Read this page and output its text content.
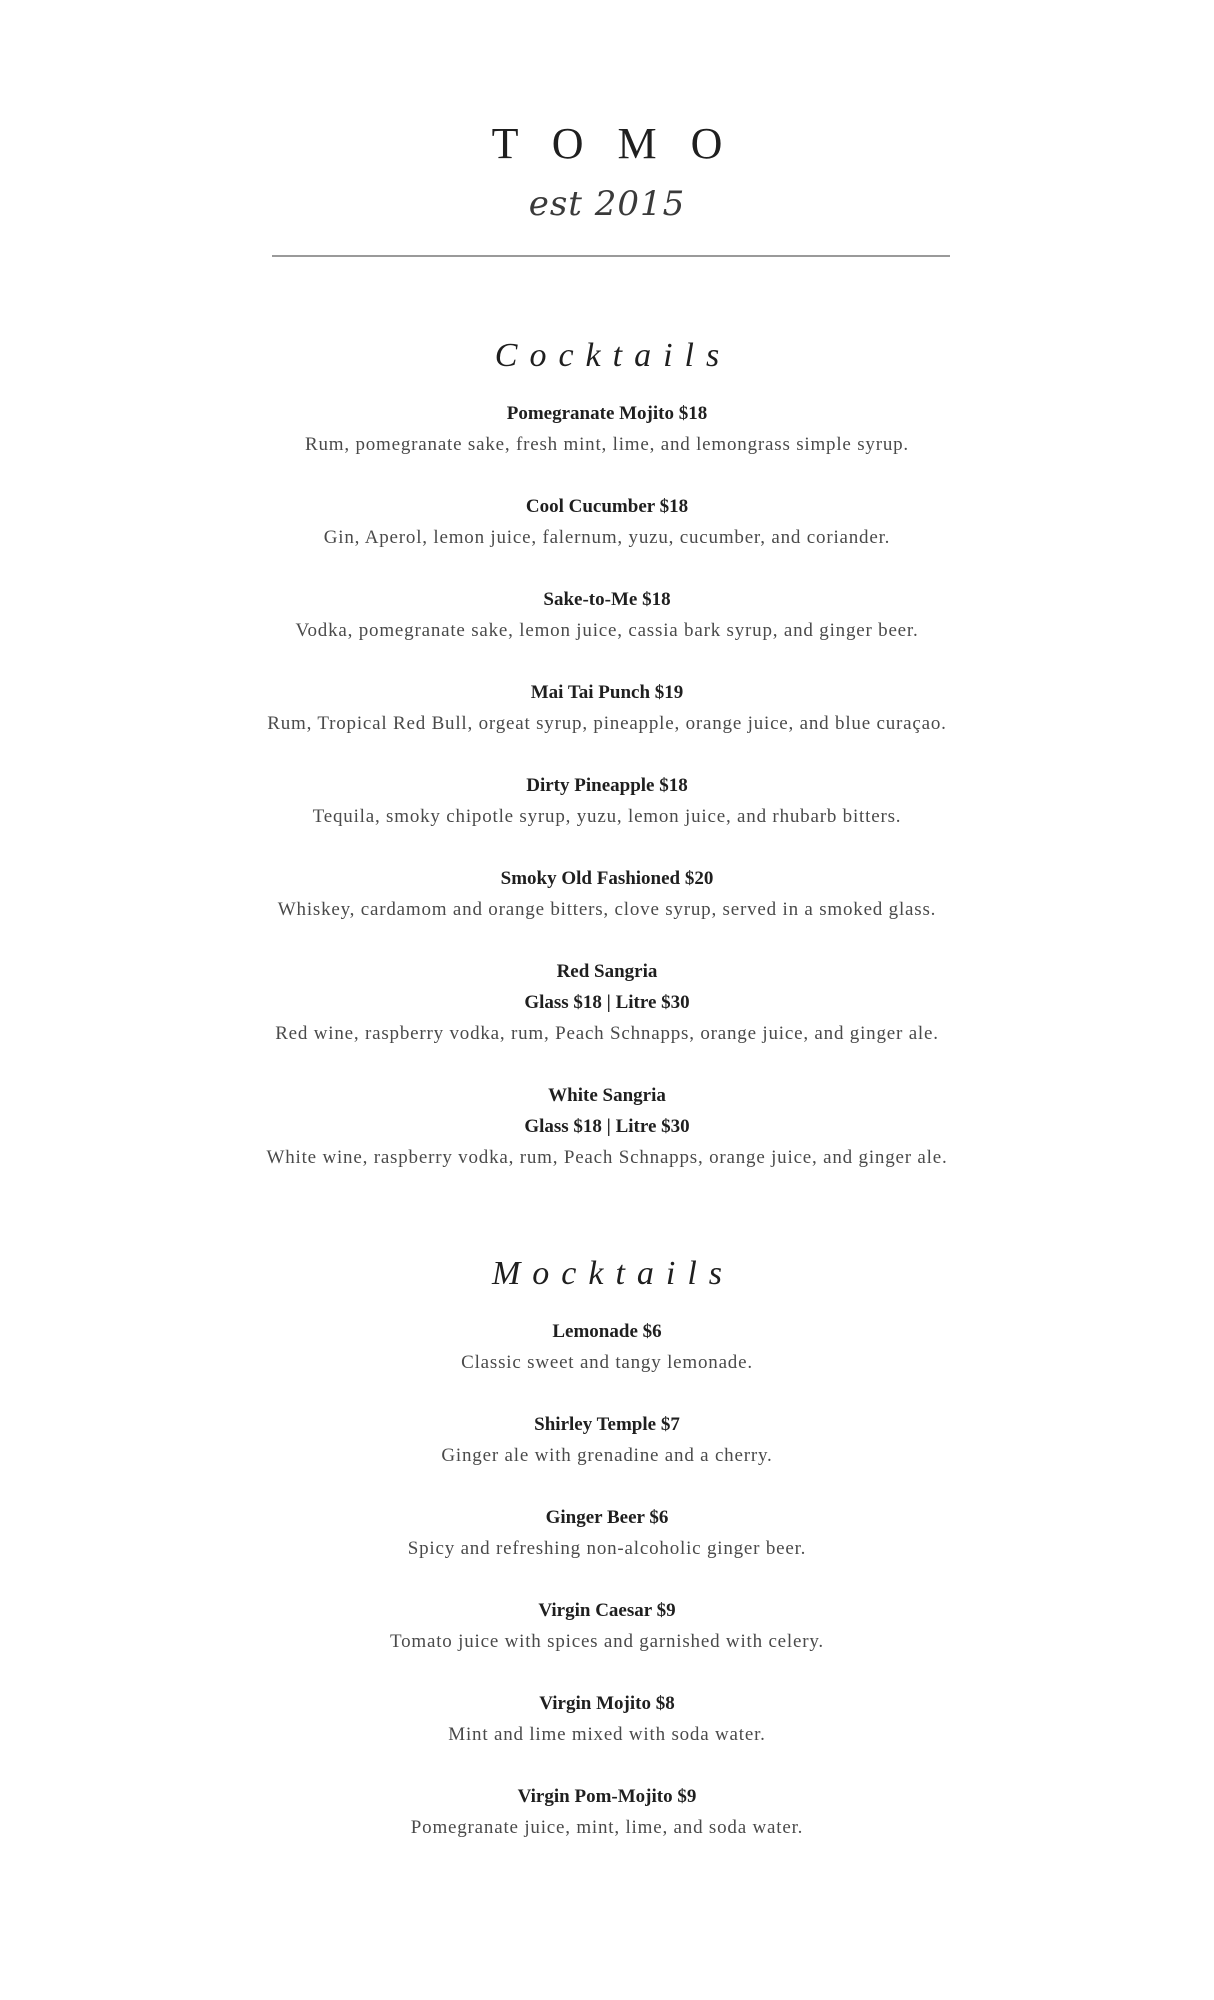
TOMO
est 2015
Cocktails
Pomegranate Mojito $18
Rum, pomegranate sake, fresh mint, lime, and lemongrass simple syrup.
Cool Cucumber $18
Gin, Aperol, lemon juice, falernum, yuzu, cucumber, and coriander.
Sake-to-Me $18
Vodka, pomegranate sake, lemon juice, cassia bark syrup, and ginger beer.
Mai Tai Punch $19
Rum, Tropical Red Bull, orgeat syrup, pineapple, orange juice, and blue curaçao.
Dirty Pineapple $18
Tequila, smoky chipotle syrup, yuzu, lemon juice, and rhubarb bitters.
Smoky Old Fashioned $20
Whiskey, cardamom and orange bitters, clove syrup, served in a smoked glass.
Red Sangria
Glass $18 | Litre $30
Red wine, raspberry vodka, rum, Peach Schnapps, orange juice, and ginger ale.
White Sangria
Glass $18 | Litre $30
White wine, raspberry vodka, rum, Peach Schnapps, orange juice, and ginger ale.
Mocktails
Lemonade $6
Classic sweet and tangy lemonade.
Shirley Temple $7
Ginger ale with grenadine and a cherry.
Ginger Beer $6
Spicy and refreshing non-alcoholic ginger beer.
Virgin Caesar $9
Tomato juice with spices and garnished with celery.
Virgin Mojito $8
Mint and lime mixed with soda water.
Virgin Pom-Mojito $9
Pomegranate juice, mint, lime, and soda water.
